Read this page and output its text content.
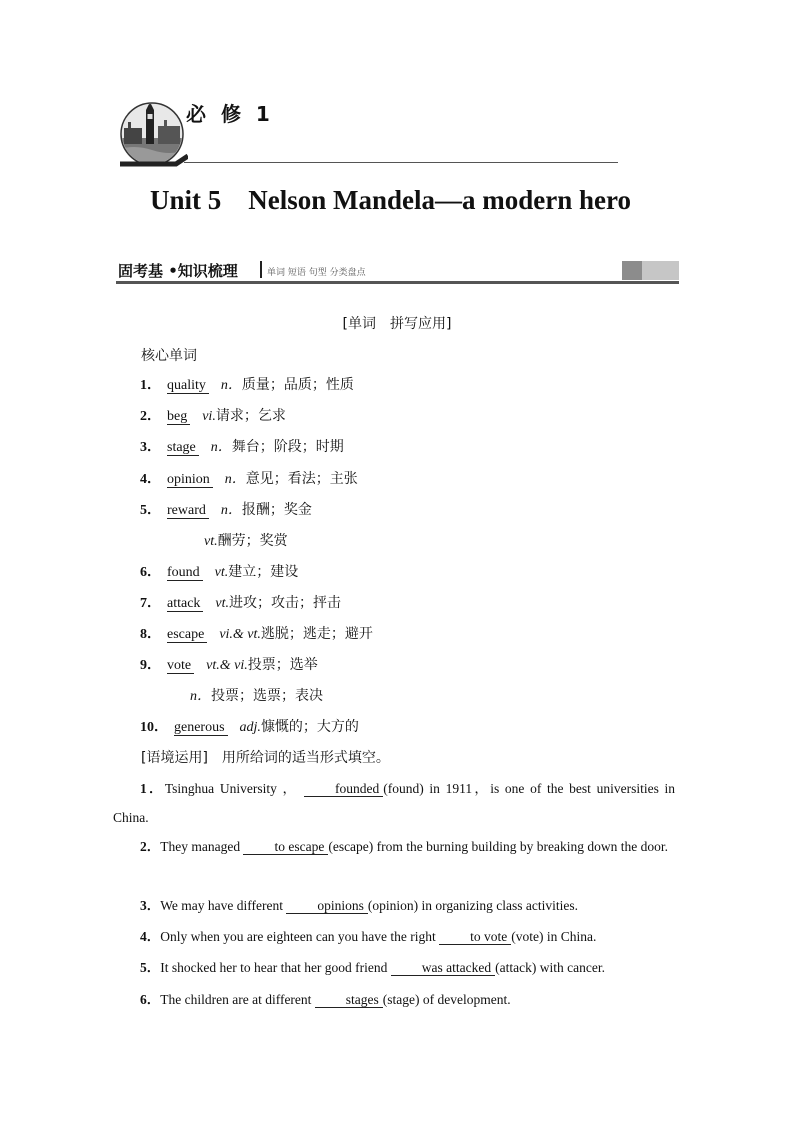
必 修 1
Unit 5　Nelson Mandela—a modern hero
固考基 •知识梳理	单词 短语 句型 分类盘点
[单词　拼写应用]
核心单词
1． quality n．质量；品质；性质
2． beg vi.请求；乞求
3． stage n．舞台；阶段；时期
4． opinion n．意见；看法；主张
5． reward n．报酬；奖金
vt.酬劳；奖赏
6． found vt.建立；建设
7． attack vt.进攻；攻击；抨击
8． escape vi.& vt.逃脱；逃走；避开
9． vote vt.& vi.投票；选举
n．投票；选票；表决
10． generous adj.慷慨的；大方的
[语境运用]　用所给词的适当形式填空。

1．Tsinghua University ，	founded (found) in 1911，is one of the best universities in China.

2．They managed	to escape (escape) from the burning building by breaking down the door.

3．We may have different	opinions (opinion) in organizing class activities.

4．Only when you are eighteen can you have the right	to vote (vote) in China.

5．It shocked her to hear that her good friend	was attacked (attack) with cancer.

6．The children are at different	stages (stage) of development.
